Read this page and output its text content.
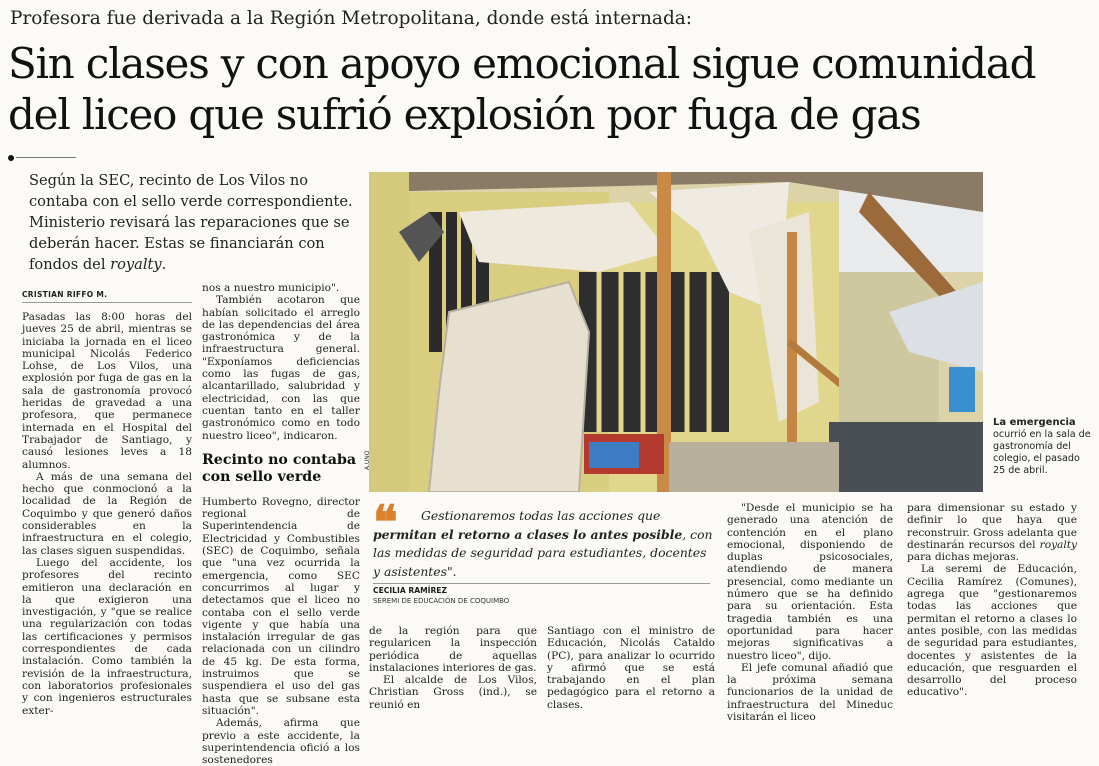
Profesora fue derivada a la Región Metropolitana, donde está internada:
Sin clases y con apoyo emocional sigue comunidad del liceo que sufrió explosión por fuga de gas
Según la SEC, recinto de Los Vilos no contaba con el sello verde correspondiente. Ministerio revisará las reparaciones que se deberán hacer. Estas se financiarán con fondos del royalty.
CRISTIAN RIFFO M.

Pasadas las 8:00 horas del jueves 25 de abril, mientras se iniciaba la jornada en el liceo municipal Nicolás Federico Lohse, de Los Vilos, una explosión por fuga de gas en la sala de gastronomía provocó heridas de gravedad a una profesora, que permanece internada en el Hospital del Trabajador de Santiago, y causó lesiones leves a 18 alumnos.

A más de una semana del hecho que conmocionó a la localidad de la Región de Coquimbo y que generó daños considerables en la infraestructura en el colegio, las clases siguen suspendidas.

Luego del accidente, los profesores del recinto emitieron una declaración en la que exigieron una investigación, y "que se realice una regularización con todas las certificaciones y permisos correspondientes de cada instalación. Como también la revisión de la infraestructura, con laboratorios profesionales y con ingenieros estructurales exter-

nos a nuestro municipio".

También acotaron que habían solicitado el arreglo de las dependencias del área gastronómica y de la infraestructura general. "Exponíamos deficiencias como las fugas de gas, alcantarillado, salubridad y electricidad, con las que cuentan tanto en el taller gastronómico como en todo nuestro liceo", indicaron.

Recinto no contaba con sello verde

Humberto Rovegno, director regional de Superintendencia de Electricidad y Combustibles (SEC) de Coquimbo, señala que "una vez ocurrida la emergencia, como SEC concurrimos al lugar y detectamos que el liceo no contaba con el sello verde vigente y que había una instalación irregular de gas relacionada con un cilindro de 45 kg. De esta forma, instruimos que se suspendiera el uso del gas hasta que se subsane esta situación".

Además, afirma que previo a este accidente, la superintendencia ofició a los sostenedores

A.UNO
La emergencia
ocurrió en la sala de gastronomía del colegio, el pasado 25 de abril.
❝	Gestionaremos todas las acciones que permitan el retorno a clases lo antes posible, con las medidas de seguridad para estudiantes, docentes y asistentes".
CECILIA RAMÍREZ
SEREMI DE EDUCACIÓN DE COQUIMBO

de la región para que regularicen la inspección periódica de aquellas instalaciones interiores de gas.

El alcalde de Los Vilos, Christian Gross (ind.), se reunió en

Santiago con el ministro de Educación, Nicolás Cataldo (PC), para analizar lo ocurrido y afirmó que se está trabajando en el plan pedagógico para el retorno a clases.

"Desde el municipio se ha generado una atención de contención en el plano emocional, disponiendo de duplas psicosociales, atendiendo de manera presencial, como mediante un número que se ha definido para su orientación. Esta tragedia también es una oportunidad para hacer mejoras significativas a nuestro liceo", dijo.

El jefe comunal añadió que la próxima semana funcionarios de la unidad de infraestructura del Mineduc visitarán el liceo

para dimensionar su estado y definir lo que haya que reconstruir. Gross adelanta que destinarán recursos del royalty para dichas mejoras.

La seremi de Educación, Cecilia Ramírez (Comunes), agrega que "gestionaremos todas las acciones que permitan el retorno a clases lo antes posible, con las medidas de seguridad para estudiantes, docentes y asistentes de la educación, que resguarden el desarrollo del proceso educativo".
